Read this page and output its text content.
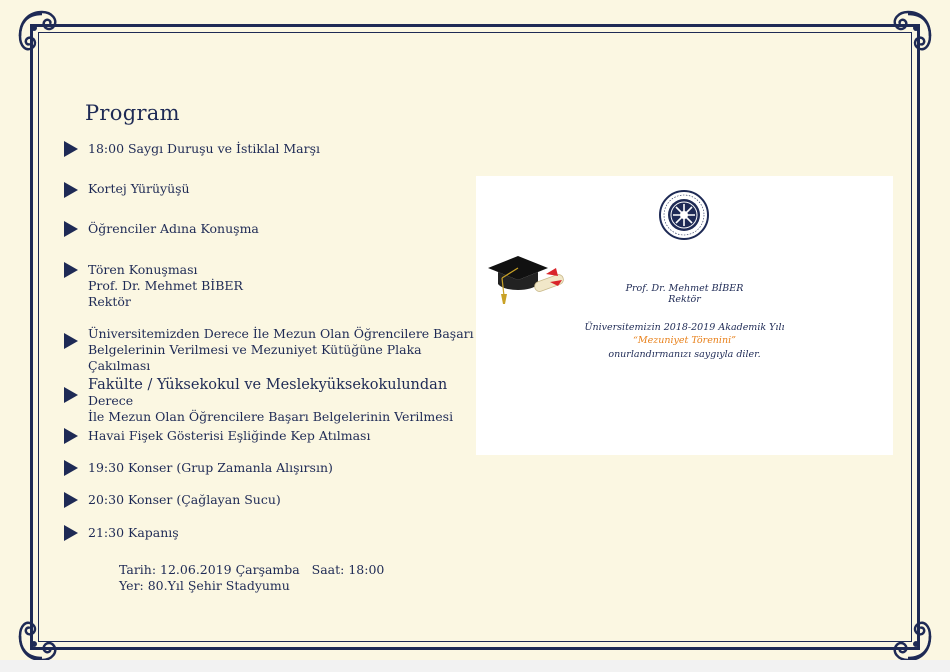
Program
18:00 Saygı Duruşu ve İstiklal Marşı
Kortej Yürüyüşü
Öğrenciler Adına Konuşma
Tören Konuşması
Prof. Dr. Mehmet BİBER
Rektör
Üniversitemizden Derece İle Mezun Olan Öğrencilere Başarı
Belgelerinin Verilmesi ve Mezuniyet Kütüğüne Plaka Çakılması
Fakülte / Yüksekokul ve Meslekyüksekokulundan Derece
İle Mezun Olan Öğrencilere Başarı Belgelerinin Verilmesi
Havai Fişek Gösterisi Eşliğinde Kep Atılması
19:30 Konser (Grup Zamanla Alışırsın)
20:30 Konser (Çağlayan Sucu)
21:30 Kapanış
Tarih: 12.06.2019 Çarşamba   Saat: 18:00
Yer: 80.Yıl Şehir Stadyumu
Prof. Dr. Mehmet BİBER
Rektör
Üniversitemizin 2018-2019 Akademik Yılı
“Mezuniyet Törenini”
onurlandırmanızı saygıyla diler.
